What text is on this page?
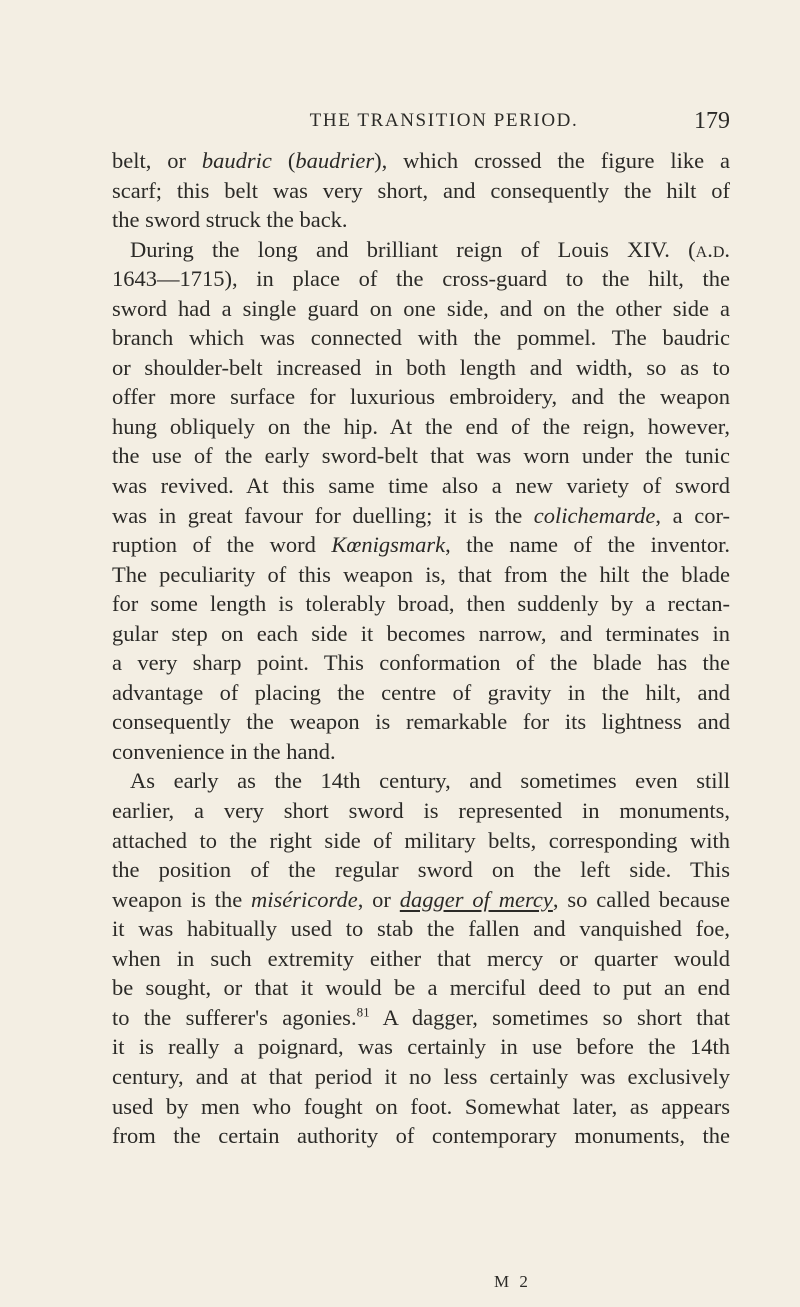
THE TRANSITION PERIOD.	179
belt, or baudric (baudrier), which crossed the figure like a
scarf; this belt was very short, and consequently the hilt of
the sword struck the back.
During the long and brilliant reign of Louis XIV. (a.d.
1643—1715), in place of the cross-guard to the hilt, the
sword had a single guard on one side, and on the other side a
branch which was connected with the pommel. The baudric
or shoulder-belt increased in both length and width, so as to
offer more surface for luxurious embroidery, and the weapon
hung obliquely on the hip. At the end of the reign, however,
the use of the early sword-belt that was worn under the tunic
was revived. At this same time also a new variety of sword
was in great favour for duelling; it is the colichemarde, a cor-
ruption of the word Kœnigsmark, the name of the inventor.
The peculiarity of this weapon is, that from the hilt the blade
for some length is tolerably broad, then suddenly by a rectan-
gular step on each side it becomes narrow, and terminates in
a very sharp point. This conformation of the blade has the
advantage of placing the centre of gravity in the hilt, and
consequently the weapon is remarkable for its lightness and
convenience in the hand.
As early as the 14th century, and sometimes even still
earlier, a very short sword is represented in monuments,
attached to the right side of military belts, corresponding with
the position of the regular sword on the left side. This
weapon is the miséricorde, or dagger of mercy, so called because
it was habitually used to stab the fallen and vanquished foe,
when in such extremity either that mercy or quarter would
be sought, or that it would be a merciful deed to put an end
to the sufferer's agonies.$^{81}$ A dagger, sometimes so short that
it is really a poignard, was certainly in use before the 14th
century, and at that period it no less certainly was exclusively
used by men who fought on foot. Somewhat later, as appears
from the certain authority of contemporary monuments, the
M 2
